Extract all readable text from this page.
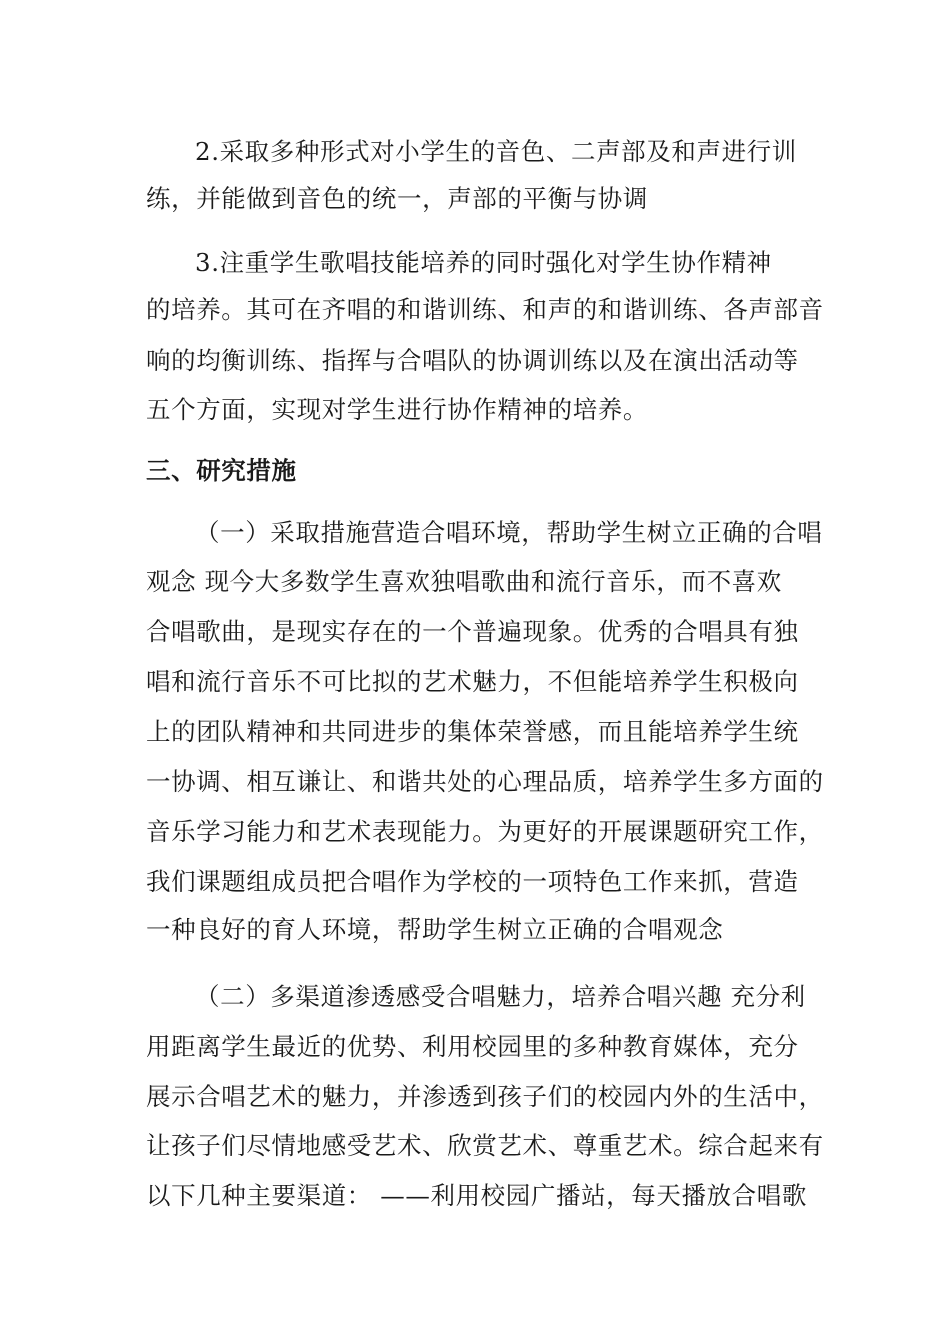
2.采取多种形式对小学生的音色、二声部及和声进行训
练，并能做到音色的统一，声部的平衡与协调
3.注重学生歌唱技能培养的同时强化对学生协作精神
的培养。其可在齐唱的和谐训练、和声的和谐训练、各声部音
响的均衡训练、指挥与合唱队的协调训练以及在演出活动等
五个方面，实现对学生进行协作精神的培养。
三、研究措施
（一）采取措施营造合唱环境，帮助学生树立正确的合唱
观念 现今大多数学生喜欢独唱歌曲和流行音乐，而不喜欢
合唱歌曲，是现实存在的一个普遍现象。优秀的合唱具有独
唱和流行音乐不可比拟的艺术魅力，不但能培养学生积极向
上的团队精神和共同进步的集体荣誉感，而且能培养学生统
一协调、相互谦让、和谐共处的心理品质，培养学生多方面的
音乐学习能力和艺术表现能力。为更好的开展课题研究工作，
我们课题组成员把合唱作为学校的一项特色工作来抓，营造
一种良好的育人环境，帮助学生树立正确的合唱观念
（二）多渠道渗透感受合唱魅力，培养合唱兴趣 充分利
用距离学生最近的优势、利用校园里的多种教育媒体，充分
展示合唱艺术的魅力，并渗透到孩子们的校园内外的生活中，
让孩子们尽情地感受艺术、欣赏艺术、尊重艺术。综合起来有
以下几种主要渠道： ——利用校园广播站，每天播放合唱歌
